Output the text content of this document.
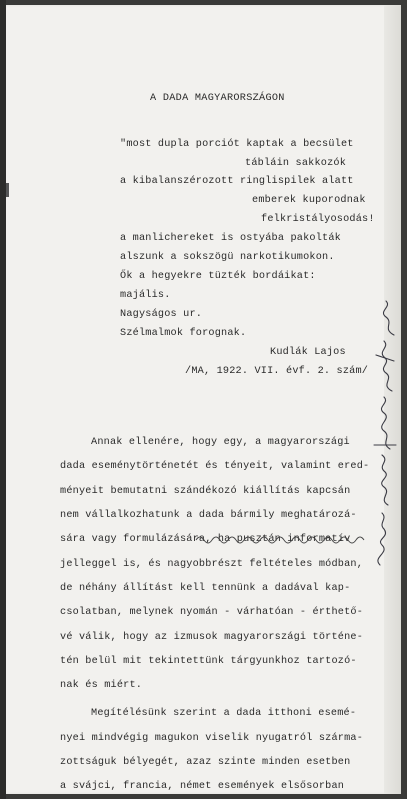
A DADA MAGYARORSZÁGON
"most dupla porciót kaptak a becsület
tábláin sakkozók
a kibalanszérozott ringlispilek alatt
emberek kuporodnak
felkristályosodás!
a manlichereket is ostyába pakolták
alszunk a sokszögü narkotikumokon.
Ők a hegyekre tüzték bordáikat:
majális.
Nagyságos ur.
Szélmalmok forognak.
Kudlák Lajos
/MA, 1922. VII. évf. 2. szám/
Annak ellenére, hogy egy, a magyarországi
dada eseménytörténetét és tényeit, valamint ered-
ményeit bemutatni szándékozó kiállítás kapcsán
nem vállalkozhatunk a dada bármily meghatározá-
sára vagy formulázására, ha pusztán informatív
jelleggel is, és nagyobbrészt feltételes módban,
de néhány állítást kell tennünk a dadával kap-
csolatban, melynek nyomán - várhatóan - érthető-
vé válik, hogy az izmusok magyarországi történe-
tén belül mit tekintettünk tárgyunkhoz tartozó-
nak és miért.
Megítélésünk szerint a dada itthoni esemé-
nyei mindvégig magukon viselik nyugatról szárma-
zottságuk bélyegét, azaz szinte minden esetben
a svájci, francia, német események elsősorban
